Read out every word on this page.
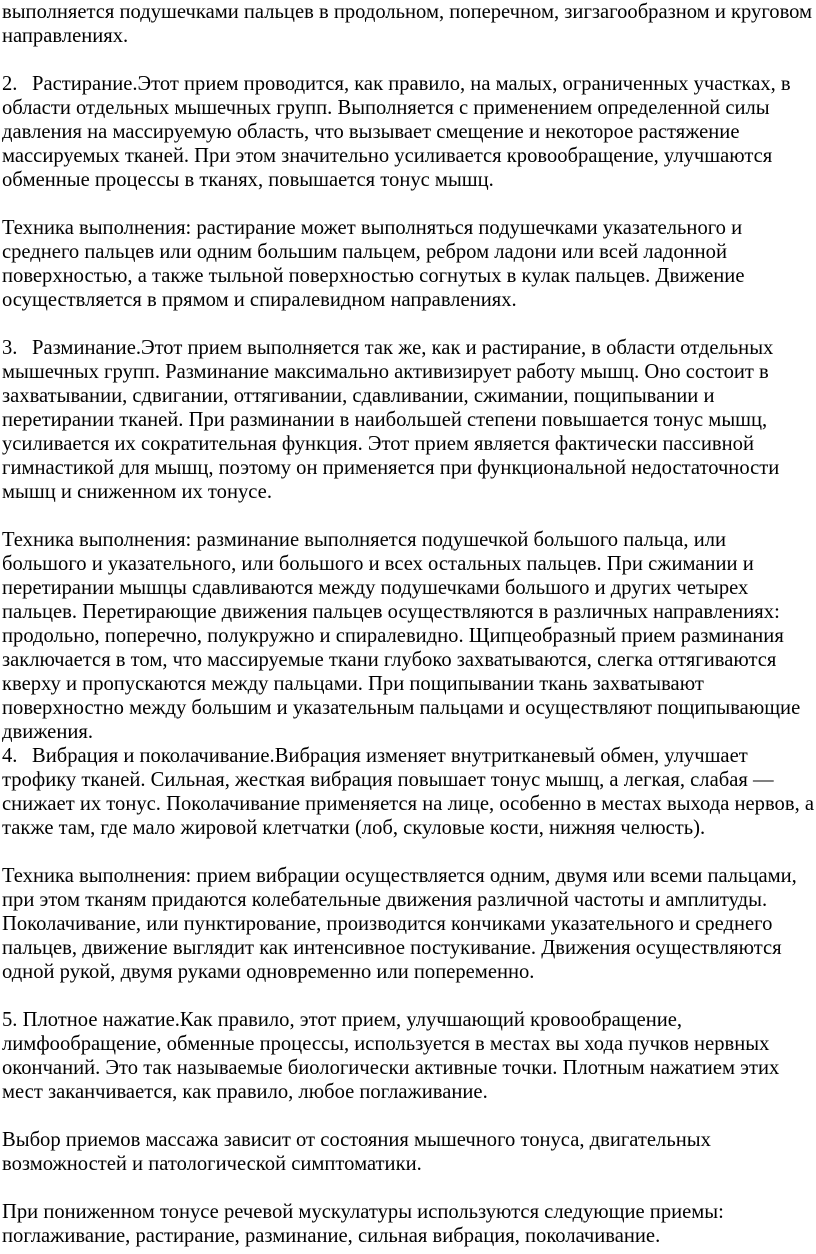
выполняется подушечками пальцев в продольном, поперечном, зигзагообразном и круговом направлениях.

2. Растирание.Этот прием проводится, как правило, на малых, ограниченных участках, в области отдельных мышечных групп. Выполняется с применением определенной силы давления на массируемую область, что вызывает смещение и некоторое растяжение массируемых тканей. При этом значительно усиливается кровообращение, улучшаются обменные процессы в тканях, повышается тонус мышц.

Техника выполнения: растирание может выполняться подушечками указательного и среднего пальцев или одним большим пальцем, ребром ладони или всей ладонной поверхностью, а также тыльной поверхностью согнутых в кулак пальцев. Движение осуществляется в прямом и спиралевидном направлениях.

3. Разминание.Этот прием выполняется так же, как и растирание, в области отдельных мышечных групп. Разминание максимально активизирует работу мышц. Оно состоит в захватывании, сдвигании, оттягивании, сдавливании, сжимании, пощипывании и перетирании тканей. При разминании в наибольшей степени повышается тонус мышц, усиливается их сократительная функция. Этот прием является фактически пассивной гимнастикой для мышц, поэтому он применяется при функциональной недостаточности мышц и сниженном их тонусе.

Техника выполнения: разминание выполняется подушечкой большого пальца, или большого и указательного, или большого и всех остальных пальцев. При сжимании и перетирании мышцы сдавливаются между подушечками большого и других четырех пальцев. Перетирающие движения пальцев осуществляются в различных направлениях: продольно, поперечно, полукружно и спиралевидно. Щипцеобразный прием разминания заключается в том, что массируемые ткани глубоко захватываются, слегка оттягиваются кверху и пропускаются между пальцами. При пощипывании ткань захватывают поверхностно между большим и указательным пальцами и осуществляют пощипывающие движения.

4. Вибрация и поколачивание.Вибрация изменяет внутритканевый обмен, улучшает трофику тканей. Сильная, жесткая вибрация повышает тонус мышц, а легкая, слабая — снижает их тонус. Поколачивание применяется на лице, особенно в местах выхода нервов, а также там, где мало жировой клетчатки (лоб, скуловые кости, нижняя челюсть).

Техника выполнения: прием вибрации осуществляется одним, двумя или всеми пальцами, при этом тканям придаются колебательные движения различной частоты и амплитуды. Поколачивание, или пунктирование, производится кончиками указательного и среднего пальцев, движение выглядит как интенсивное постукивание. Движения осуществляются одной рукой, двумя руками одновременно или попеременно.

5. Плотное нажатие.Как правило, этот прием, улучшающий кровообращение, лимфообращение, обменные процессы, используется в местах вы хода пучков нервных окончаний. Это так называемые биологически активные точки. Плотным нажатием этих мест заканчивается, как правило, любое поглаживание.

Выбор приемов массажа зависит от состояния мышечного тонуса, двигательных возможностей и патологической симптоматики.

При пониженном тонусе речевой мускулатуры используются следующие приемы: поглаживание, растирание, разминание, сильная вибрация, поколачивание.
